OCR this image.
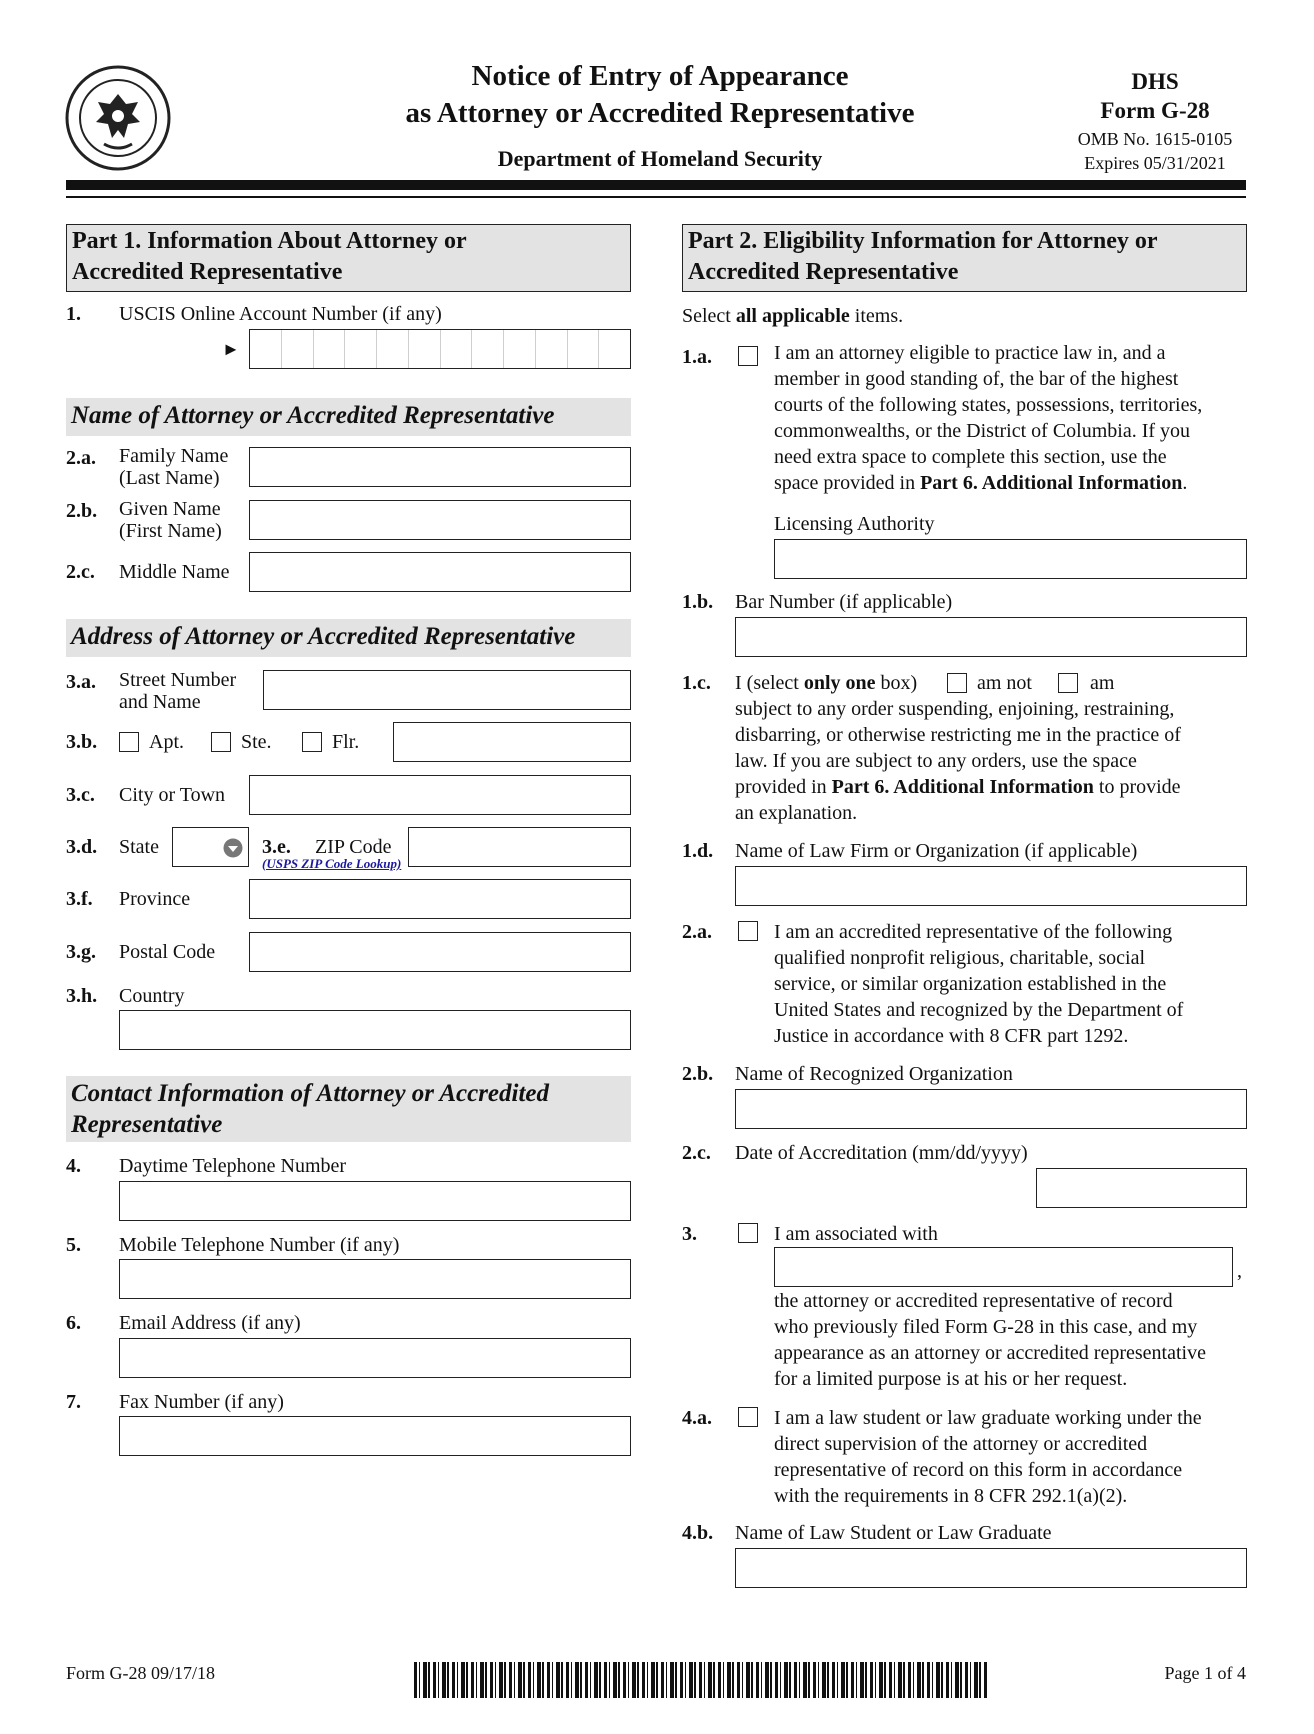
Notice of Entry of Appearance
as Attorney or Accredited Representative
Department of Homeland Security
DHS
Form G-28
OMB No. 1615-0105
Expires 05/31/2021
Part 1. Information About Attorney or
Accredited Representative
1. USCIS Online Account Number (if any)
►
Name of Attorney or Accredited Representative
2.a. Family Name
(Last Name)
2.b. Given Name
(First Name)
2.c. Middle Name
Address of Attorney or Accredited Representative
3.a. Street Number
and Name
3.b.	Apt.	Ste.	Flr.
3.c. City or Town
3.d. State	3.e. ZIP Code
(USPS ZIP Code Lookup)
3.f. Province
3.g. Postal Code
3.h. Country
Contact Information of Attorney or Accredited
Representative
4. Daytime Telephone Number
5. Mobile Telephone Number (if any)
6. Email Address (if any)
7. Fax Number (if any)
Part 2. Eligibility Information for Attorney or
Accredited Representative
Select all applicable items.
1.a.	I am an attorney eligible to practice law in, and a
member in good standing of, the bar of the highest
courts of the following states, possessions, territories,
commonwealths, or the District of Columbia. If you
need extra space to complete this section, use the
space provided in Part 6. Additional Information.
Licensing Authority
1.b. Bar Number (if applicable)
1.c. I (select only one box)	am not	am
subject to any order suspending, enjoining, restraining,
disbarring, or otherwise restricting me in the practice of
law. If you are subject to any orders, use the space
provided in Part 6. Additional Information to provide
an explanation.
1.d. Name of Law Firm or Organization (if applicable)
2.a.	I am an accredited representative of the following
qualified nonprofit religious, charitable, social
service, or similar organization established in the
United States and recognized by the Department of
Justice in accordance with 8 CFR part 1292.
2.b. Name of Recognized Organization
2.c. Date of Accreditation (mm/dd/yyyy)
3.	I am associated with
,
the attorney or accredited representative of record
who previously filed Form G-28 in this case, and my
appearance as an attorney or accredited representative
for a limited purpose is at his or her request.
4.a.	I am a law student or law graduate working under the
direct supervision of the attorney or accredited
representative of record on this form in accordance
with the requirements in 8 CFR 292.1(a)(2).
4.b. Name of Law Student or Law Graduate
Form G-28 09/17/18	Page 1 of 4
